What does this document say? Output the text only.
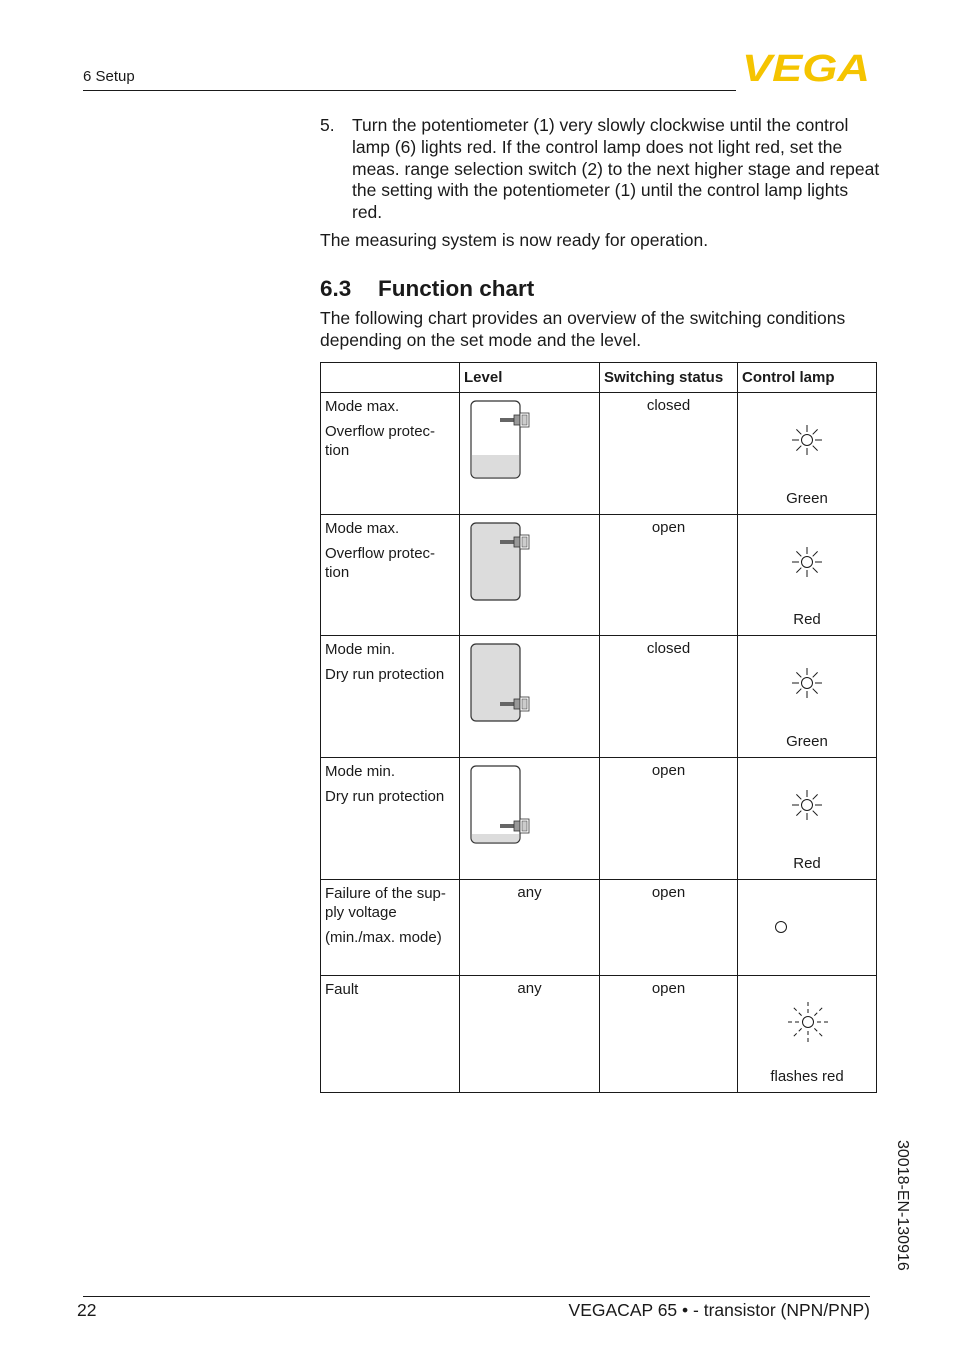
6 Setup	VEGA
5. Turn the potentiometer (1) very slowly clockwise until the control lamp (6) lights red. If the control lamp does not light red, set the meas. range selection switch (2) to the next higher stage and repeat the setting with the potentiometer (1) until the control lamp lights red.
The measuring system is now ready for operation.
6.3 Function chart
The following chart provides an overview of the switching conditions depending on the set mode and the level.
	Level	Switching status	Control lamp

Mode max.

Overflow protec-tion		closed	Green

Mode max.

Overflow protec-tion		open	Red

Mode min.

Dry run protection		closed	Green

Mode min.

Dry run protection		open	Red

Failure of the sup-ply voltage

(min./max. mode)	any	open	

Fault	any	open	flashes red
30018-EN-130916
22	VEGACAP 65 • - transistor (NPN/PNP)
